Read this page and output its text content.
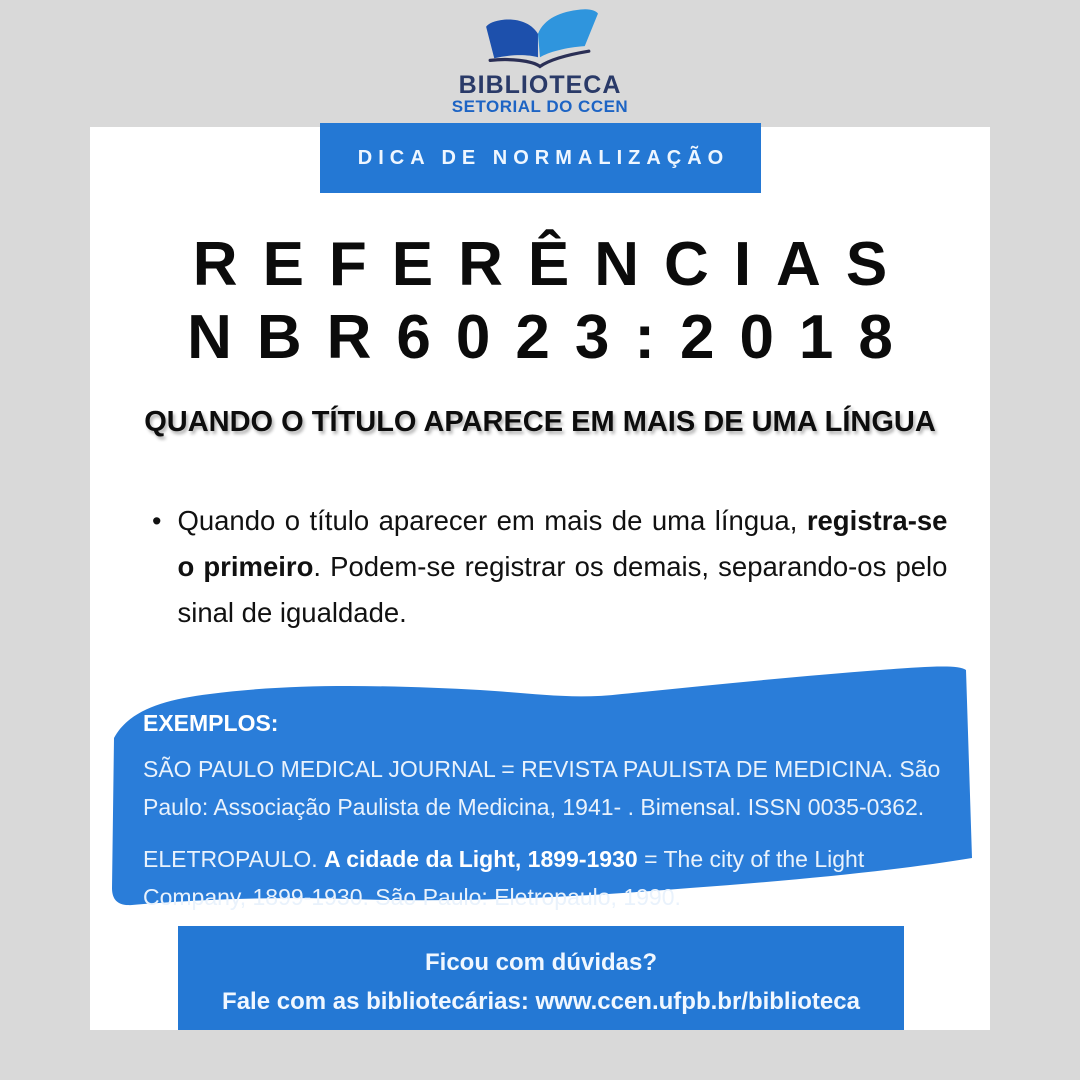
BIBLIOTECA
SETORIAL DO CCEN
DICA DE NORMALIZAÇÃO
REFERÊNCIAS
NBR6023:2018
QUANDO O TÍTULO APARECE EM MAIS DE UMA LÍNGUA
• Quando o título aparecer em mais de uma língua, registra-se o primeiro. Podem-se registrar os demais, separando-os pelo sinal de igualdade.

EXEMPLOS:

SÃO PAULO MEDICAL JOURNAL = REVISTA PAULISTA DE MEDICINA. São Paulo: Associação Paulista de Medicina, 1941- . Bimensal. ISSN 0035-0362.

ELETROPAULO. A cidade da Light, 1899-1930 = The city of the Light Company, 1899-1930. São Paulo: Eletropaulo, 1990.

Ficou com dúvidas?
Fale com as bibliotecárias: www.ccen.ufpb.br/biblioteca
